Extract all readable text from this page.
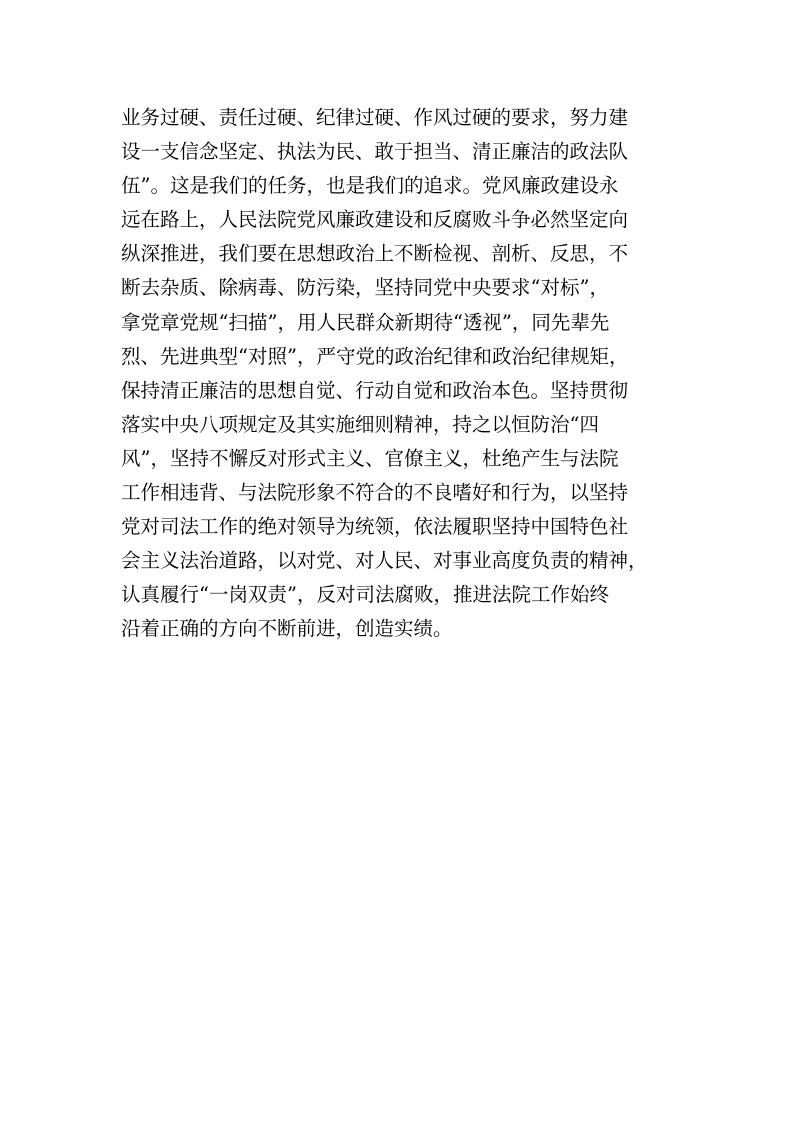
业务过硬、责任过硬、纪律过硬、作风过硬的要求，努力建
设一支信念坚定、执法为民、敢于担当、清正廉洁的政法队
伍”。这是我们的任务，也是我们的追求。党风廉政建设永
远在路上，人民法院党风廉政建设和反腐败斗争必然坚定向
纵深推进，我们要在思想政治上不断检视、剖析、反思，不
断去杂质、除病毒、防污染，坚持同党中央要求“对标”，
拿党章党规“扫描”，用人民群众新期待“透视”，同先辈先
烈、先进典型“对照”，严守党的政治纪律和政治纪律规矩，
保持清正廉洁的思想自觉、行动自觉和政治本色。坚持贯彻
落实中央八项规定及其实施细则精神，持之以恒防治“四
风”，坚持不懈反对形式主义、官僚主义，杜绝产生与法院
工作相违背、与法院形象不符合的不良嗜好和行为，以坚持
党对司法工作的绝对领导为统领，依法履职坚持中国特色社
会主义法治道路，以对党、对人民、对事业高度负责的精神，
认真履行“一岗双责”，反对司法腐败，推进法院工作始终
沿着正确的方向不断前进，创造实绩。
